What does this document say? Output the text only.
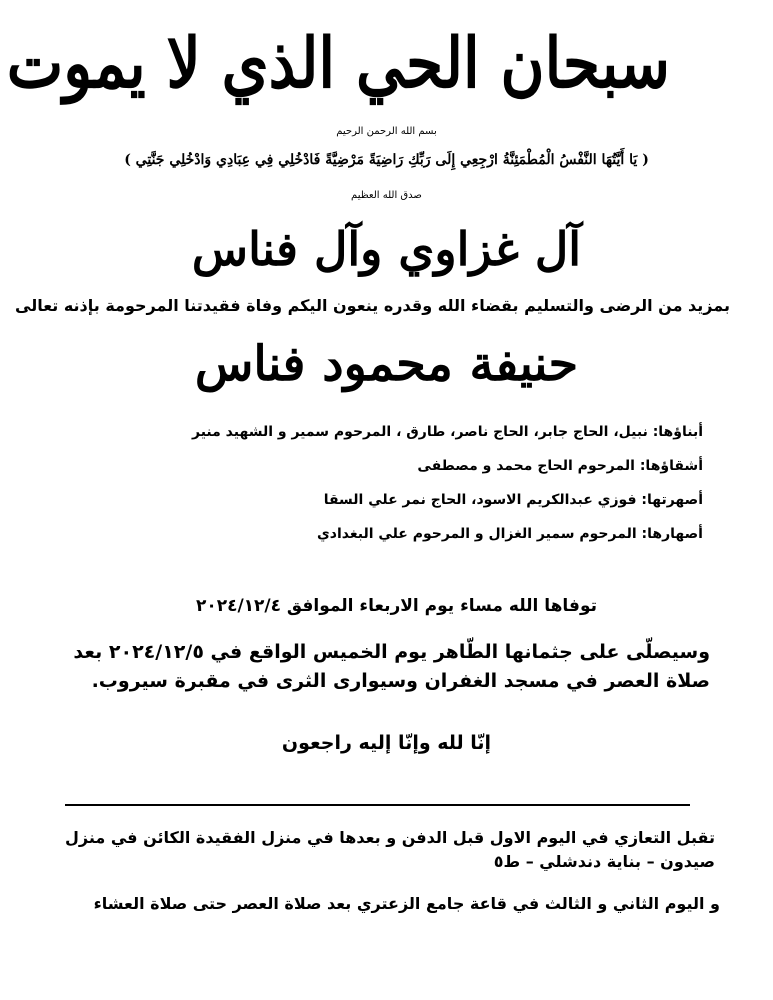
سبحان الحي الذي لا يموت
بسم الله الرحمن الرحيم
( يَا أَيَّتُهَا النَّفْسُ الْمُطْمَئِنَّةُ ارْجِعِي إِلَى رَبِّكِ رَاضِيَةً مَرْضِيَّةً فَادْخُلِي فِي عِبَادِي وَادْخُلِي جَنَّتِي )
صدق الله العظيم
آل غزاوي وآل فناس
بمزيد من الرضى والتسليم بقضاء الله وقدره ينعون اليكم وفاة فقيدتنا المرحومة بإذنه تعالى
حنيفة محمود فناس
أبناؤها: نبيل، الحاج جابر، الحاج ناصر، طارق ، المرحوم سمير و الشهيد منير
أشقاؤها: المرحوم الحاج محمد و مصطفى
أصهرتها: فوزي عبدالكريم الاسود، الحاج نمر علي السقا
أصهارها: المرحوم سمير الغزال و المرحوم علي البغدادي
توفاها الله مساء يوم الاربعاء الموافق ٢٠٢٤/١٢/٤
وسيصلّى على جثمانها الطّاهر يوم الخميس الواقع في ٢٠٢٤/١٢/٥ بعد صلاة العصر في مسجد الغفران وسيوارى الثرى في مقبرة سيروب.
إنّا لله وإنّا إليه راجعون
تقبل التعازي في اليوم الاول قبل الدفن و بعدها في منزل الفقيدة الكائن في منزل صيدون – بناية دندشلي – ط٥
و اليوم الثاني و الثالث في قاعة جامع الزعتري بعد صلاة العصر حتى صلاة العشاء
